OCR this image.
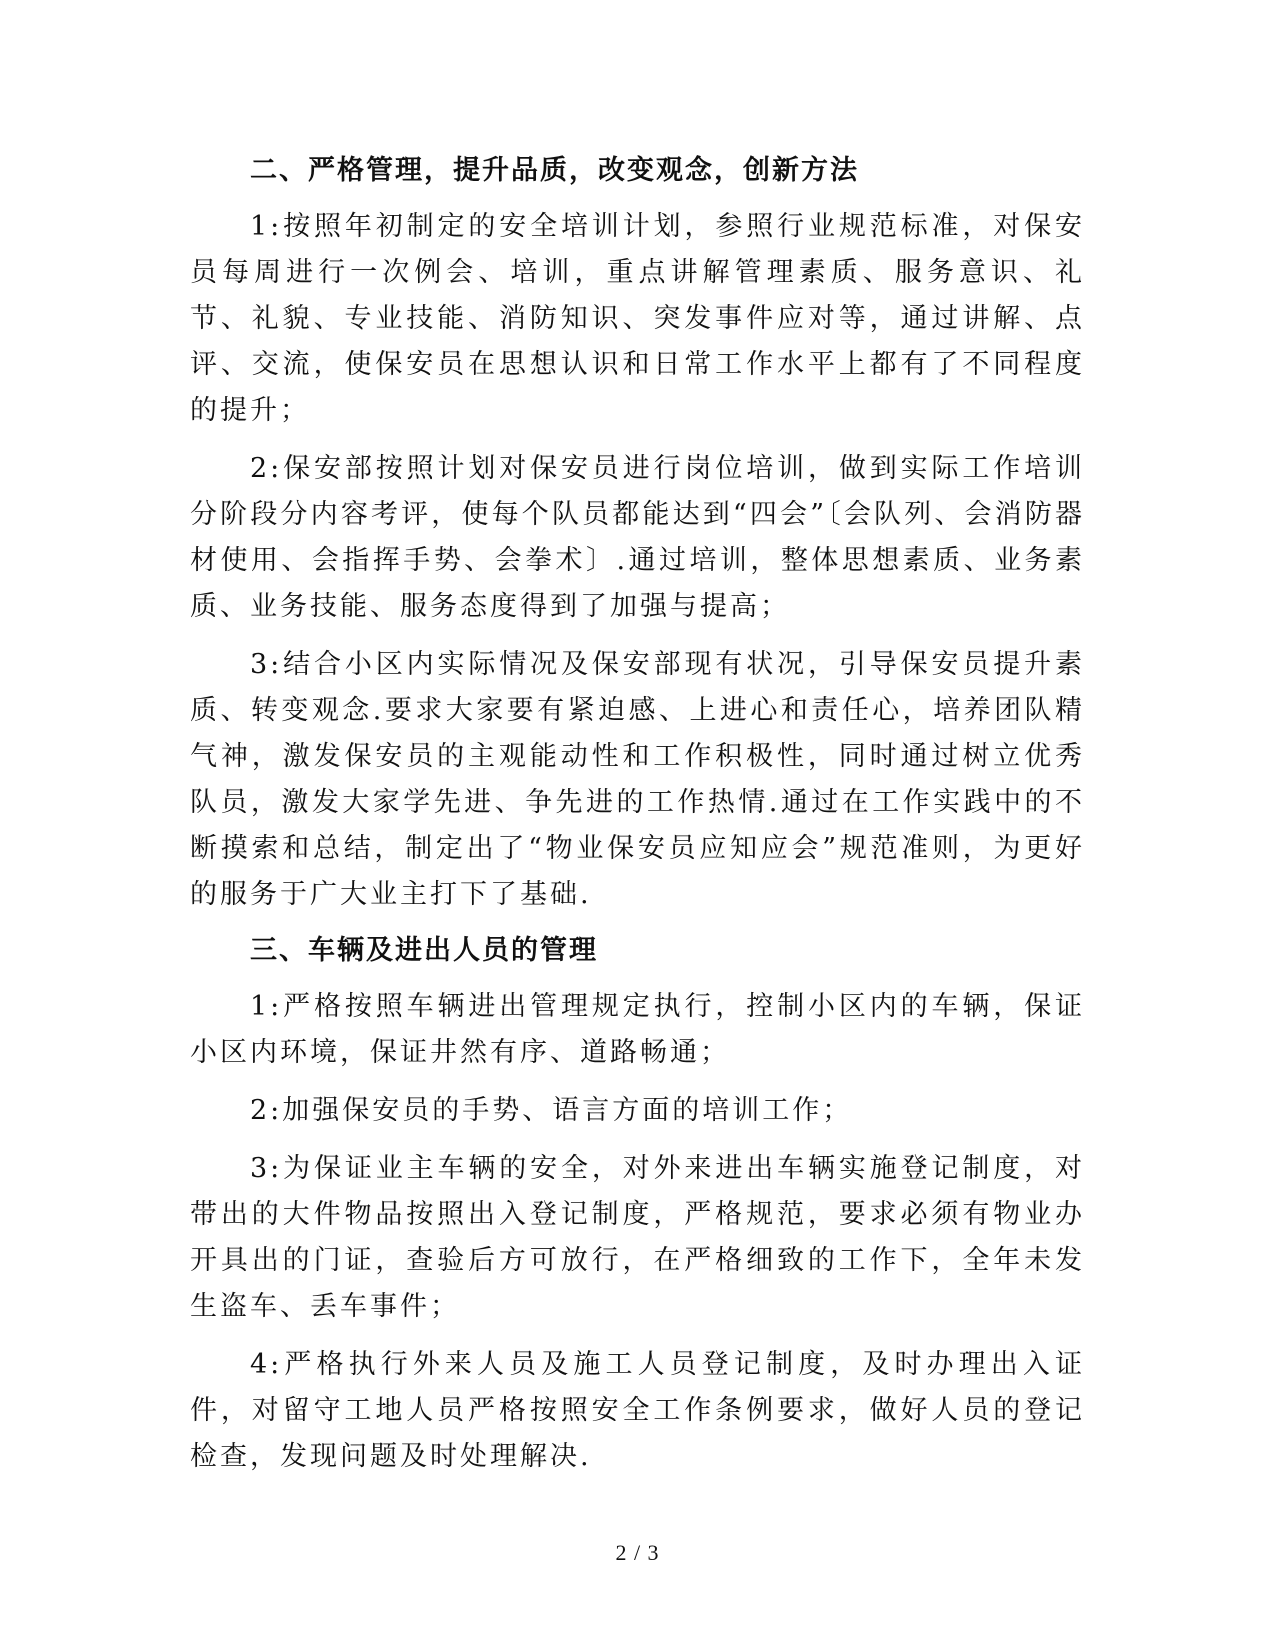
二、严格管理，提升品质，改变观念，创新方法

1:按照年初制定的安全培训计划，参照行业规范标准，对保安员每周进行一次例会、培训，重点讲解管理素质、服务意识、礼节、礼貌、专业技能、消防知识、突发事件应对等，通过讲解、点评、交流，使保安员在思想认识和日常工作水平上都有了不同程度的提升；

2:保安部按照计划对保安员进行岗位培训，做到实际工作培训分阶段分内容考评，使每个队员都能达到“四会”〔会队列、会消防器材使用、会指挥手势、会拳术〕.通过培训，整体思想素质、业务素质、业务技能、服务态度得到了加强与提高；

3:结合小区内实际情况及保安部现有状况，引导保安员提升素质、转变观念.要求大家要有紧迫感、上进心和责任心，培养团队精气神，激发保安员的主观能动性和工作积极性，同时通过树立优秀队员，激发大家学先进、争先进的工作热情.通过在工作实践中的不断摸索和总结，制定出了“物业保安员应知应会”规范准则，为更好的服务于广大业主打下了基础.

三、车辆及进出人员的管理

1:严格按照车辆进出管理规定执行，控制小区内的车辆，保证小区内环境，保证井然有序、道路畅通；

2:加强保安员的手势、语言方面的培训工作；

3:为保证业主车辆的安全，对外来进出车辆实施登记制度，对带出的大件物品按照出入登记制度，严格规范，要求必须有物业办开具出的门证，查验后方可放行，在严格细致的工作下，全年未发生盗车、丢车事件；

4:严格执行外来人员及施工人员登记制度，及时办理出入证件，对留守工地人员严格按照安全工作条例要求，做好人员的登记检查，发现问题及时处理解决.

2 / 3
